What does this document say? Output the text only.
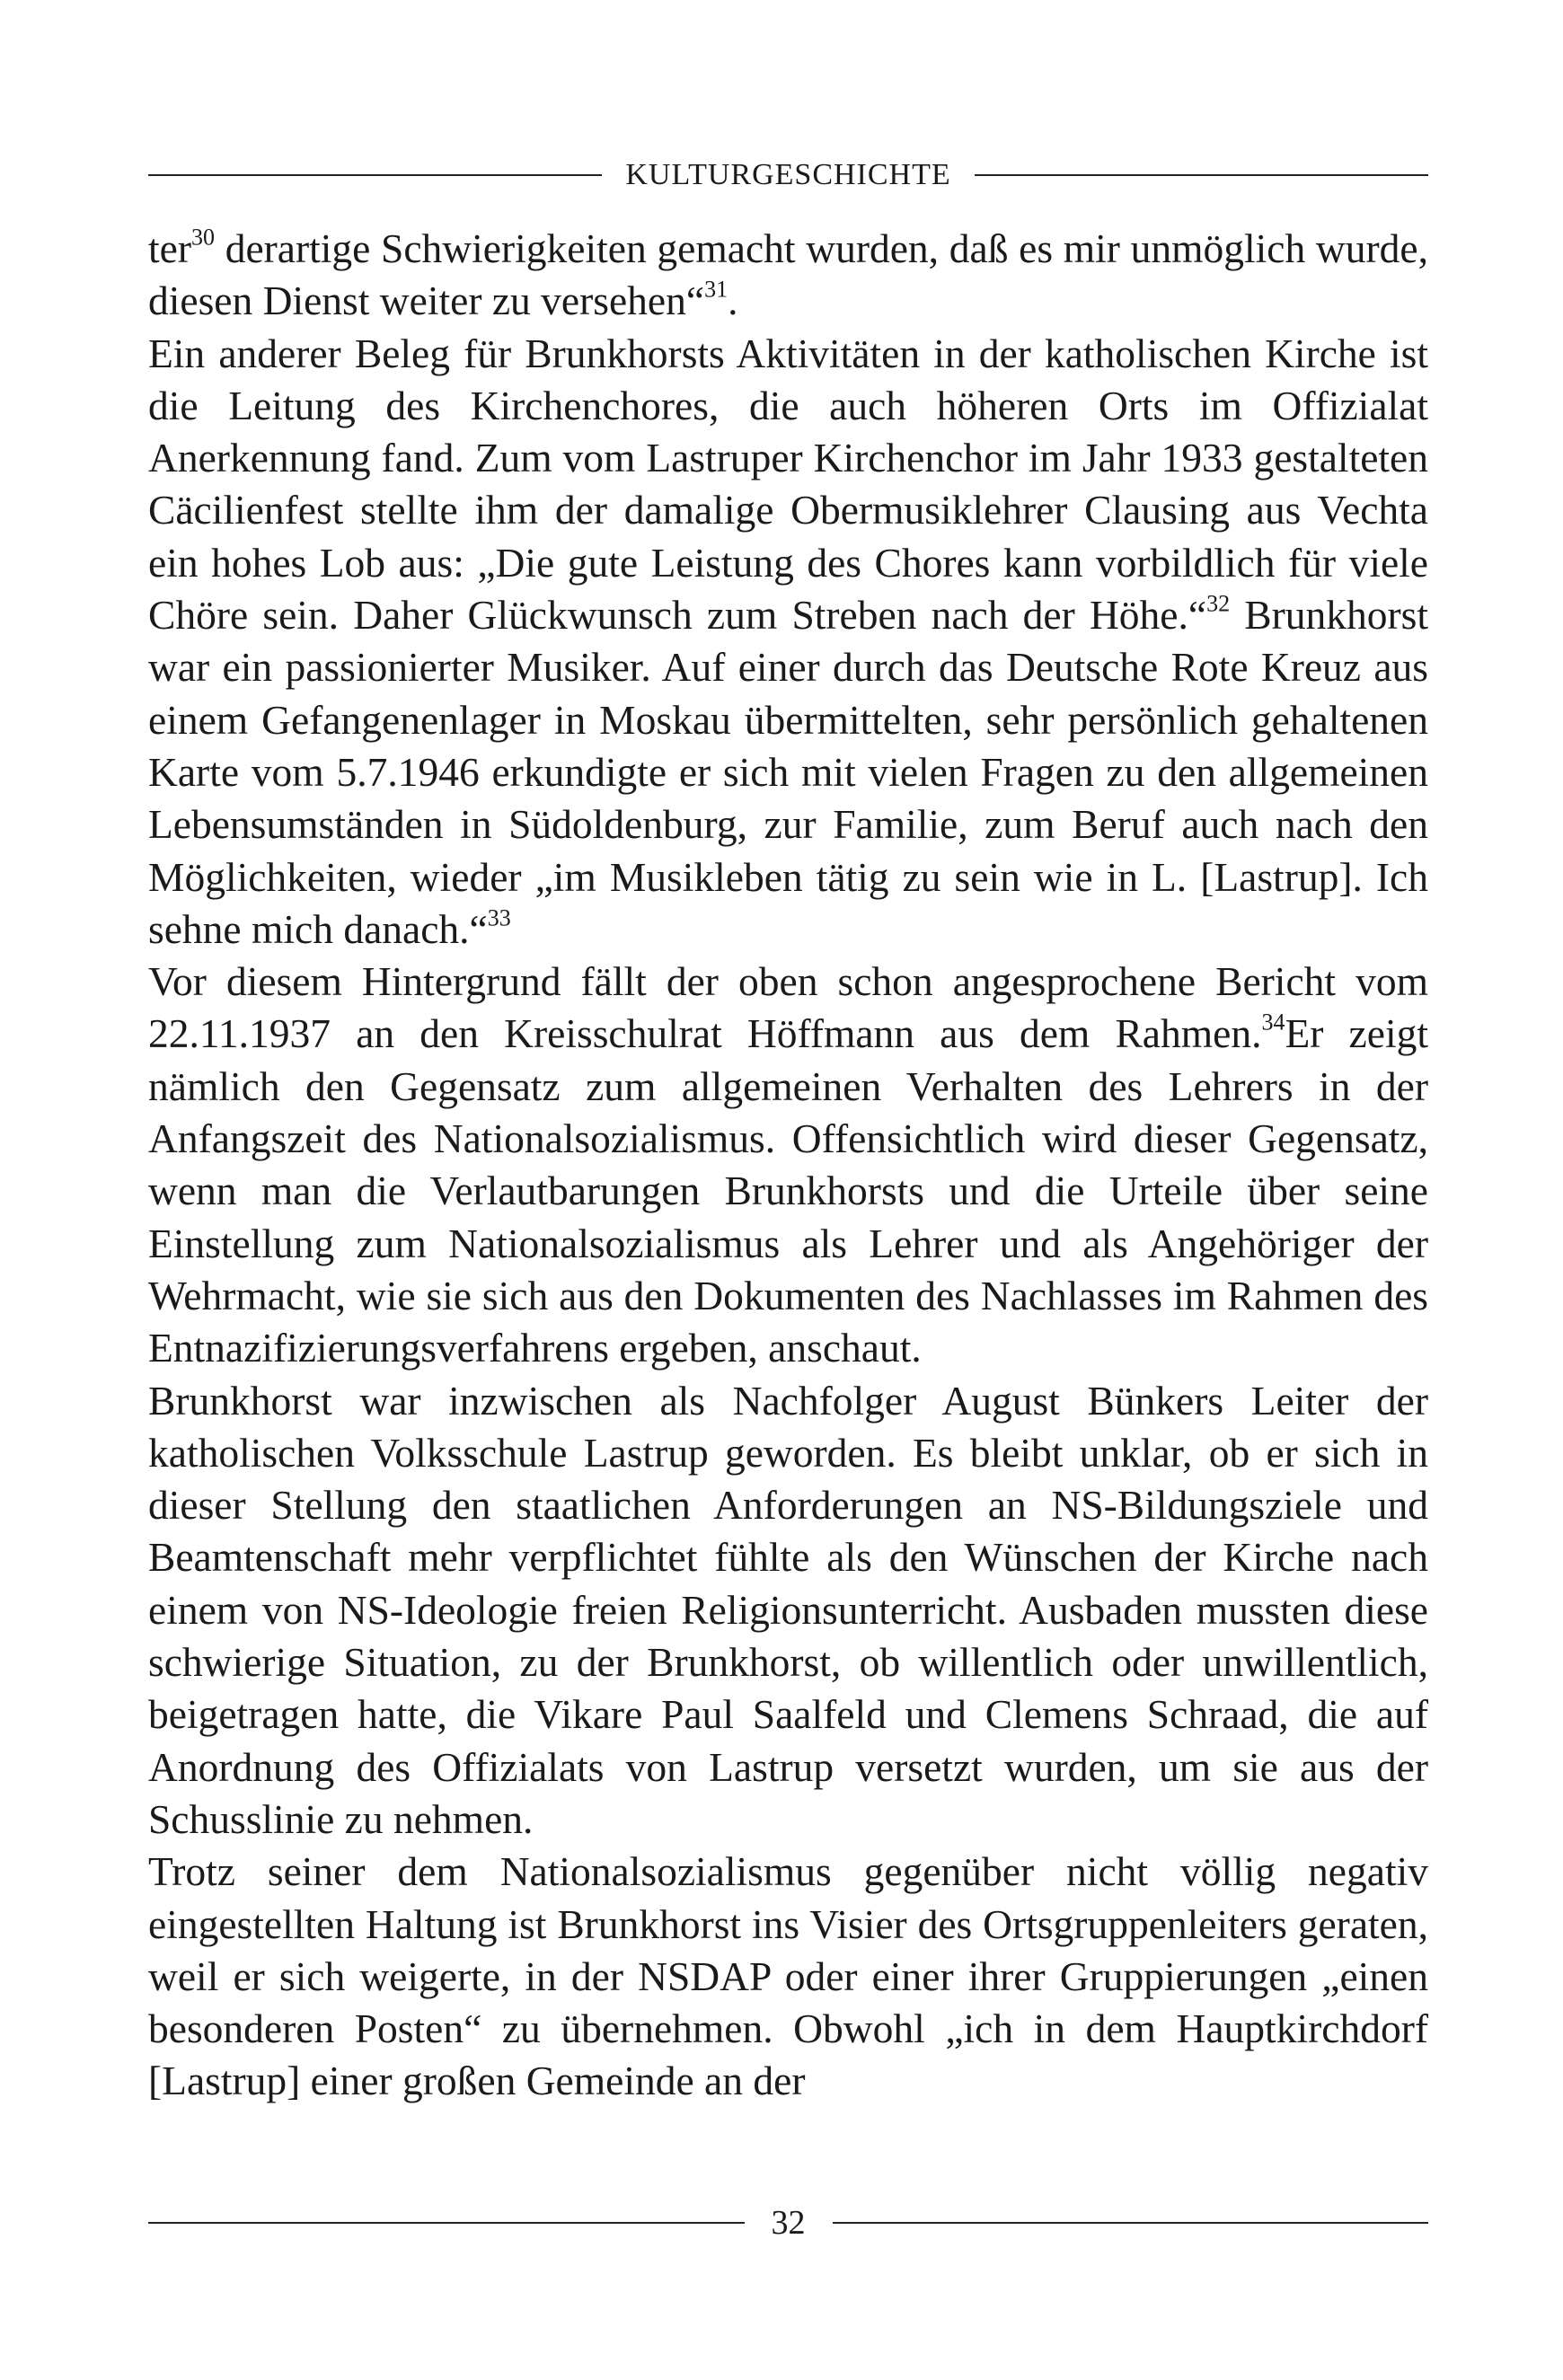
KULTURGESCHICHTE

ter$^{30}$ derartige Schwierigkeiten gemacht wurden, daß es mir unmöglich wurde, diesen Dienst weiter zu versehen“$^{31}$.

Ein anderer Beleg für Brunkhorsts Aktivitäten in der katholischen Kirche ist die Leitung des Kirchenchores, die auch höheren Orts im Offizialat Anerkennung fand. Zum vom Lastruper Kirchenchor im Jahr 1933 gestalteten Cäcilienfest stellte ihm der damalige Obermusiklehrer Clausing aus Vechta ein hohes Lob aus: „Die gute Leistung des Chores kann vorbildlich für viele Chöre sein. Daher Glückwunsch zum Streben nach der Höhe.“$^{32}$ Brunkhorst war ein passionierter Musiker. Auf einer durch das Deutsche Rote Kreuz aus einem Gefangenenlager in Moskau übermittelten, sehr persönlich gehaltenen Karte vom 5.7.1946 erkundigte er sich mit vielen Fragen zu den allgemeinen Lebensumständen in Südoldenburg, zur Familie, zum Beruf auch nach den Möglichkeiten, wieder „im Musikleben tätig zu sein wie in L. [Lastrup]. Ich sehne mich danach.“$^{33}$

Vor diesem Hintergrund fällt der oben schon angesprochene Bericht vom 22.11.1937 an den Kreisschulrat Höffmann aus dem Rahmen.$^{34}$Er zeigt nämlich den Gegensatz zum allgemeinen Verhalten des Lehrers in der Anfangszeit des Nationalsozialismus. Offensichtlich wird dieser Gegensatz, wenn man die Verlautbarungen Brunkhorsts und die Urteile über seine Einstellung zum Nationalsozialismus als Lehrer und als Angehöriger der Wehrmacht, wie sie sich aus den Dokumenten des Nachlasses im Rahmen des Entnazifizierungsverfahrens ergeben, anschaut.

Brunkhorst war inzwischen als Nachfolger August Bünkers Leiter der katholischen Volksschule Lastrup geworden. Es bleibt unklar, ob er sich in dieser Stellung den staatlichen Anforderungen an NS-Bildungsziele und Beamtenschaft mehr verpflichtet fühlte als den Wünschen der Kirche nach einem von NS-Ideologie freien Religionsunterricht. Ausbaden mussten diese schwierige Situation, zu der Brunkhorst, ob willentlich oder unwillentlich, beigetragen hatte, die Vikare Paul Saalfeld und Clemens Schraad, die auf Anordnung des Offizialats von Lastrup versetzt wurden, um sie aus der Schusslinie zu nehmen.

Trotz seiner dem Nationalsozialismus gegenüber nicht völlig negativ eingestellten Haltung ist Brunkhorst ins Visier des Ortsgruppenleiters geraten, weil er sich weigerte, in der NSDAP oder einer ihrer Gruppierungen „einen besonderen Posten“ zu übernehmen. Obwohl „ich in dem Hauptkirchdorf [Lastrup] einer großen Gemeinde an der

32
